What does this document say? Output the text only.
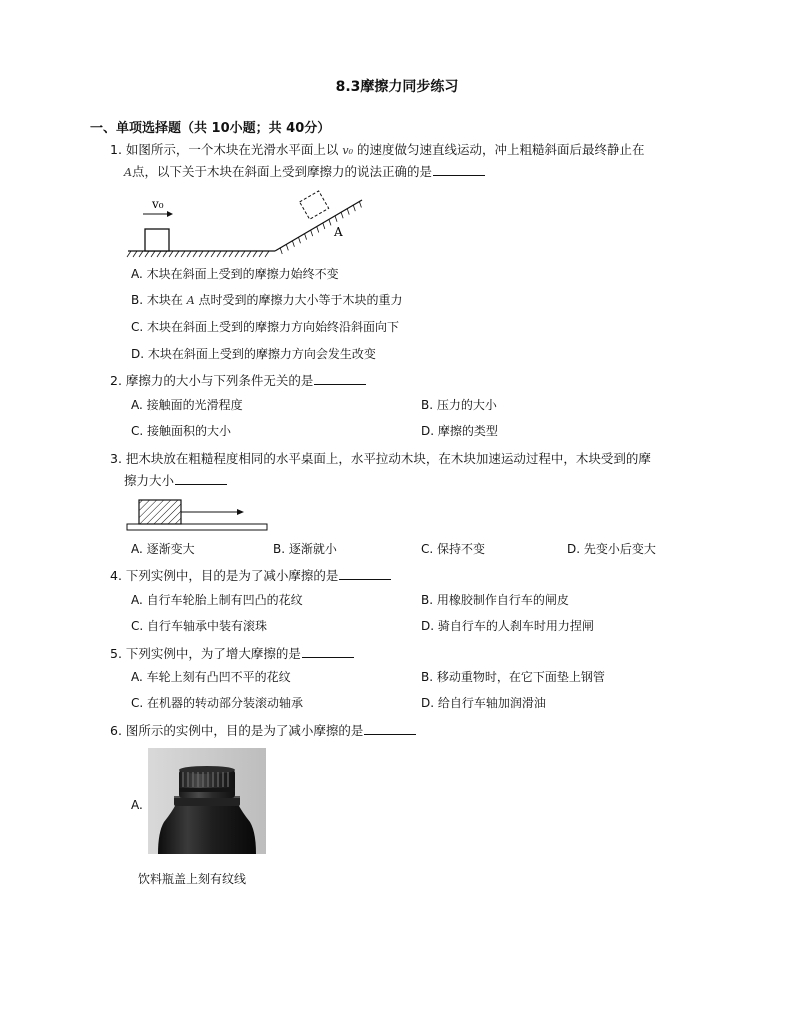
8.3摩擦力同步练习
一、单项选择题（共 10小题；共 40分）
1. 如图所示，一个木块在光滑水平面上以 v₀ 的速度做匀速直线运动，冲上粗糙斜面后最终静止在
A点，以下关于木块在斜面上受到摩擦力的说法正确的是
v₀
A
A. 木块在斜面上受到的摩擦力始终不变
B. 木块在 A 点时受到的摩擦力大小等于木块的重力
C. 木块在斜面上受到的摩擦力方向始终沿斜面向下
D. 木块在斜面上受到的摩擦力方向会发生改变
2. 摩擦力的大小与下列条件无关的是
A. 接触面的光滑程度	B. 压力的大小
C. 接触面积的大小	D. 摩擦的类型
3. 把木块放在粗糙程度相同的水平桌面上，水平拉动木块，在木块加速运动过程中，木块受到的摩
擦力大小
A. 逐渐变大	B. 逐渐就小	C. 保持不变	D. 先变小后变大
4. 下列实例中，目的是为了减小摩擦的是
A. 自行车轮胎上制有凹凸的花纹	B. 用橡胶制作自行车的闸皮
C. 自行车轴承中装有滚珠	D. 骑自行车的人刹车时用力捏闸
5. 下列实例中，为了增大摩擦的是
A. 车轮上刻有凸凹不平的花纹	B. 移动重物时，在它下面垫上钢管
C. 在机器的转动部分装滚动轴承	D. 给自行车轴加润滑油
6. 图所示的实例中，目的是为了减小摩擦的是
A.
饮料瓶盖上刻有纹线
